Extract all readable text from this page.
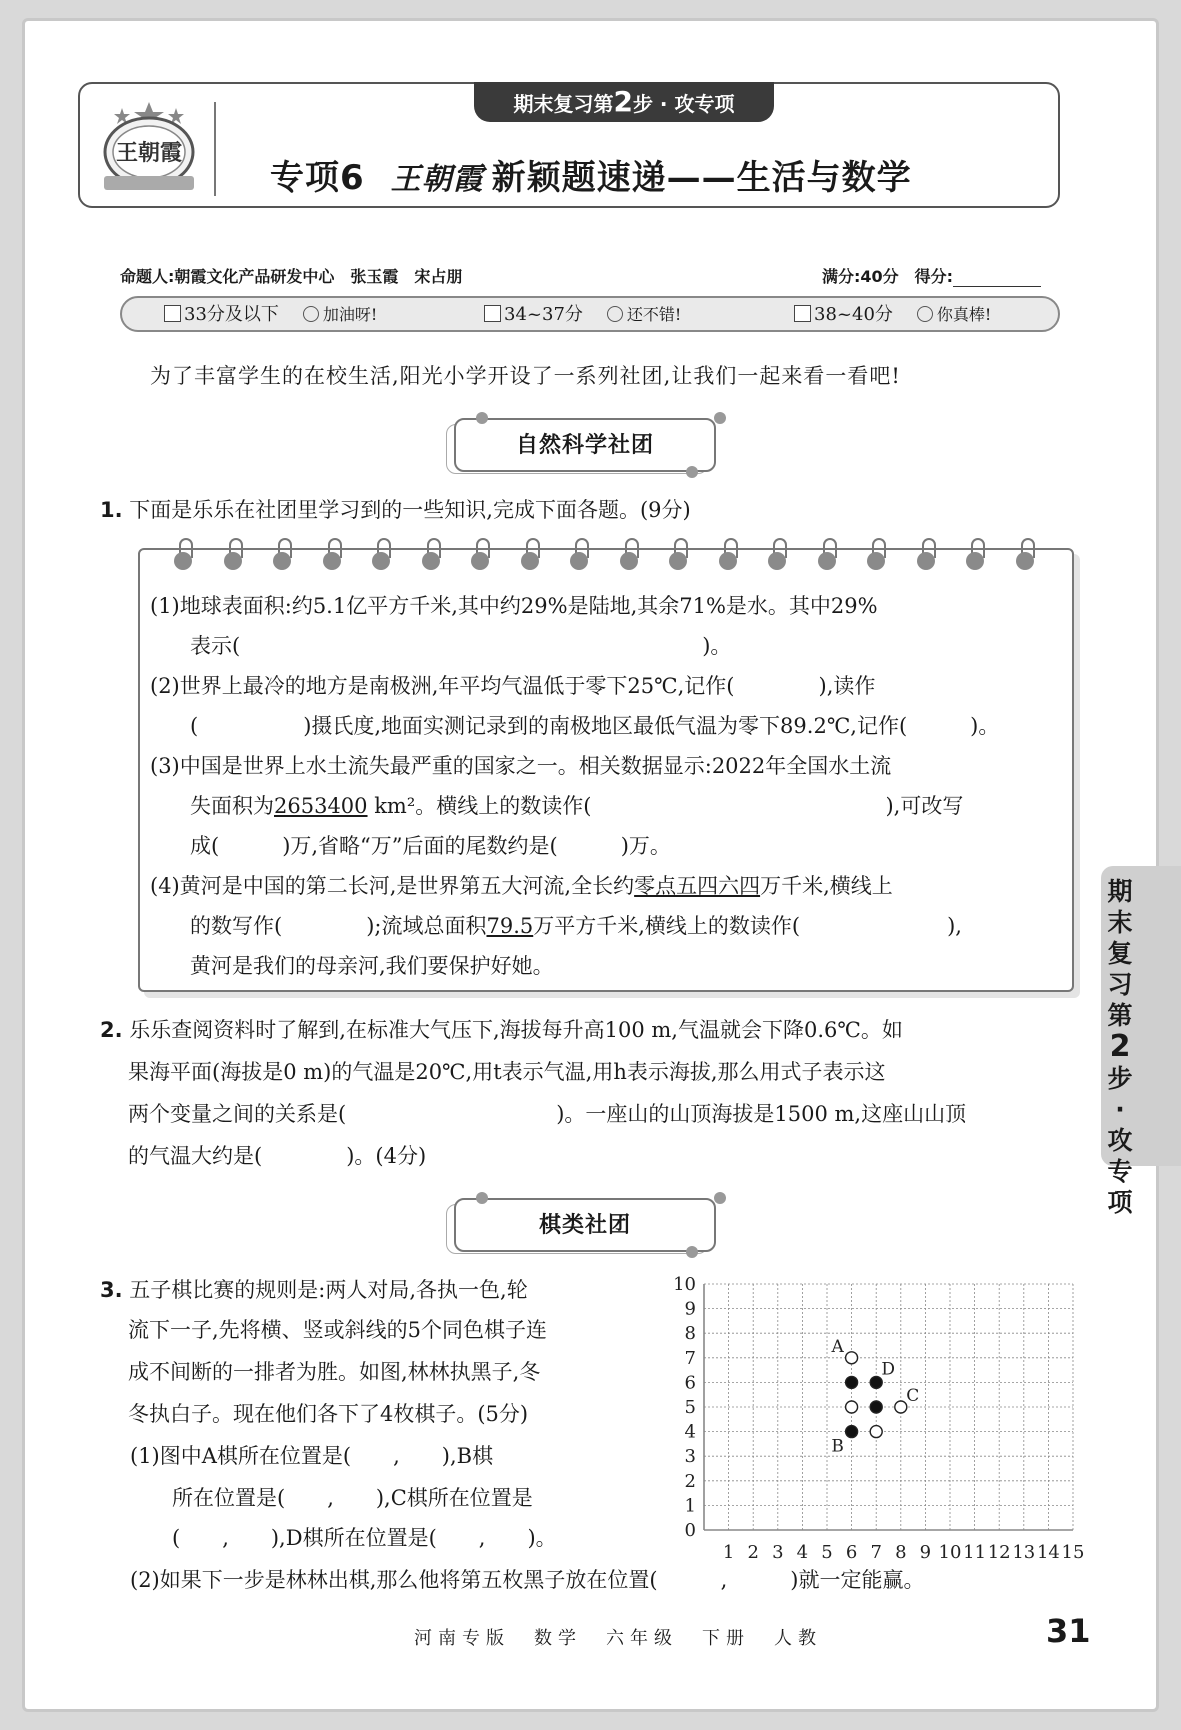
王朝霞
期末复习第2步 · 攻专项
专项6 王朝霞 新颖题速递——生活与数学
命题人:朝霞文化产品研发中心　张玉霞　宋占朋	满分:40分　得分:
33分及以下	加油呀!	34~37分	还不错!	38~40分	你真棒!
为了丰富学生的在校生活,阳光小学开设了一系列社团,让我们一起来看一看吧!
自然科学社团
1. 下面是乐乐在社团里学习到的一些知识,完成下面各题。(9分)
(1)地球表面积:约5.1亿平方千米,其中约29%是陆地,其余71%是水。其中29%
表示(　　　　　　　　　　　　　　　　　　　　　　)。
(2)世界上最冷的地方是南极洲,年平均气温低于零下25℃,记作(　　　　),读作
(　　　　　)摄氏度,地面实测记录到的南极地区最低气温为零下89.2℃,记作(　　　)。
(3)中国是世界上水土流失最严重的国家之一。相关数据显示:2022年全国水土流
失面积为2653400 km²。横线上的数读作(　　　　　　　　　　　　　　),可改写
成(　　　)万,省略“万”后面的尾数约是(　　　)万。
(4)黄河是中国的第二长河,是世界第五大河流,全长约零点五四六四万千米,横线上
的数写作(　　　　);流域总面积79.5万平方千米,横线上的数读作(　　　　　　　),
黄河是我们的母亲河,我们要保护好她。
2. 乐乐查阅资料时了解到,在标准大气压下,海拔每升高100 m,气温就会下降0.6℃。如
果海平面(海拔是0 m)的气温是20℃,用t表示气温,用h表示海拔,那么用式子表示这
两个变量之间的关系是(　　　　　　　　　　)。一座山的山顶海拔是1500 m,这座山山顶
的气温大约是(　　　　)。(4分)
棋类社团
3. 五子棋比赛的规则是:两人对局,各执一色,轮
流下一子,先将横、竖或斜线的5个同色棋子连
成不间断的一排者为胜。如图,林林执黑子,冬
冬执白子。现在他们各下了4枚棋子。(5分)
(1)图中A棋所在位置是(　　,　　),B棋
所在位置是(　　,　　),C棋所在位置是
(　　,　　),D棋所在位置是(　　,　　)。
(2)如果下一步是林林出棋,那么他将第五枚黑子放在位置(　　　,　　　)就一定能赢。
0
1
2
3
4
5
6
7
8
9
10
1 2 3 4 5 6 7 8 9 10 11 12 13 14 15
A
B
C
D
期末复习第2步·攻专项
河南专版　数学　六年级　下册　人教	31
